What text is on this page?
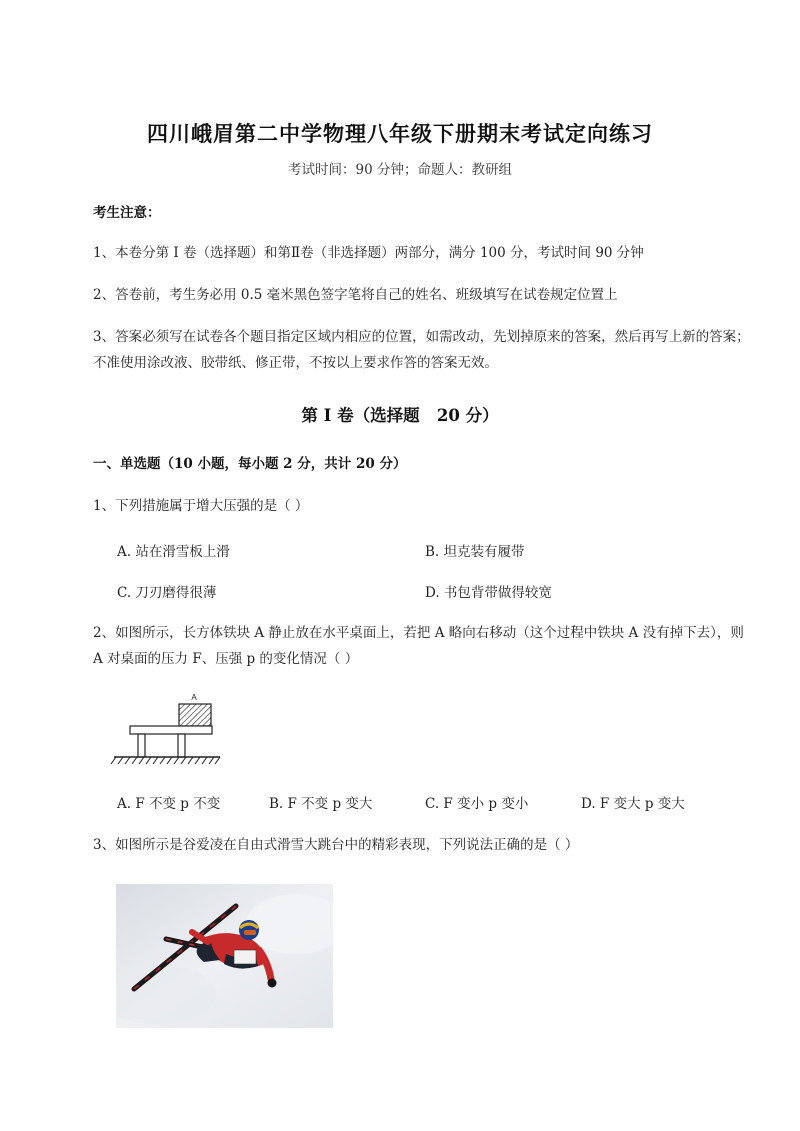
四川峨眉第二中学物理八年级下册期末考试定向练习
考试时间：90 分钟；命题人：教研组
考生注意：
1、本卷分第 I 卷（选择题）和第Ⅱ卷（非选择题）两部分，满分 100 分，考试时间 90 分钟
2、答卷前，考生务必用 0.5 毫米黑色签字笔将自己的姓名、班级填写在试卷规定位置上
3、答案必须写在试卷各个题目指定区域内相应的位置，如需改动，先划掉原来的答案，然后再写上新的答案；不准使用涂改液、胶带纸、修正带，不按以上要求作答的答案无效。
第 I 卷（选择题   20 分）
一、单选题（10 小题，每小题 2 分，共计 20 分）
1、下列措施属于增大压强的是（ ）
A. 站在滑雪板上滑	B. 坦克装有履带
C. 刀刃磨得很薄	D. 书包背带做得较宽
2、如图所示，长方体铁块 A 静止放在水平桌面上，若把 A 略向右移动（这个过程中铁块 A 没有掉下去），则 A 对桌面的压力 F、压强 p 的变化情况（ ）
A
A. F 不变 p 不变	B. F 不变 p 变大	C. F 变小 p 变小	D. F 变大 p 变大
3、如图所示是谷爱凌在自由式滑雪大跳台中的精彩表现，下列说法正确的是（ ）
